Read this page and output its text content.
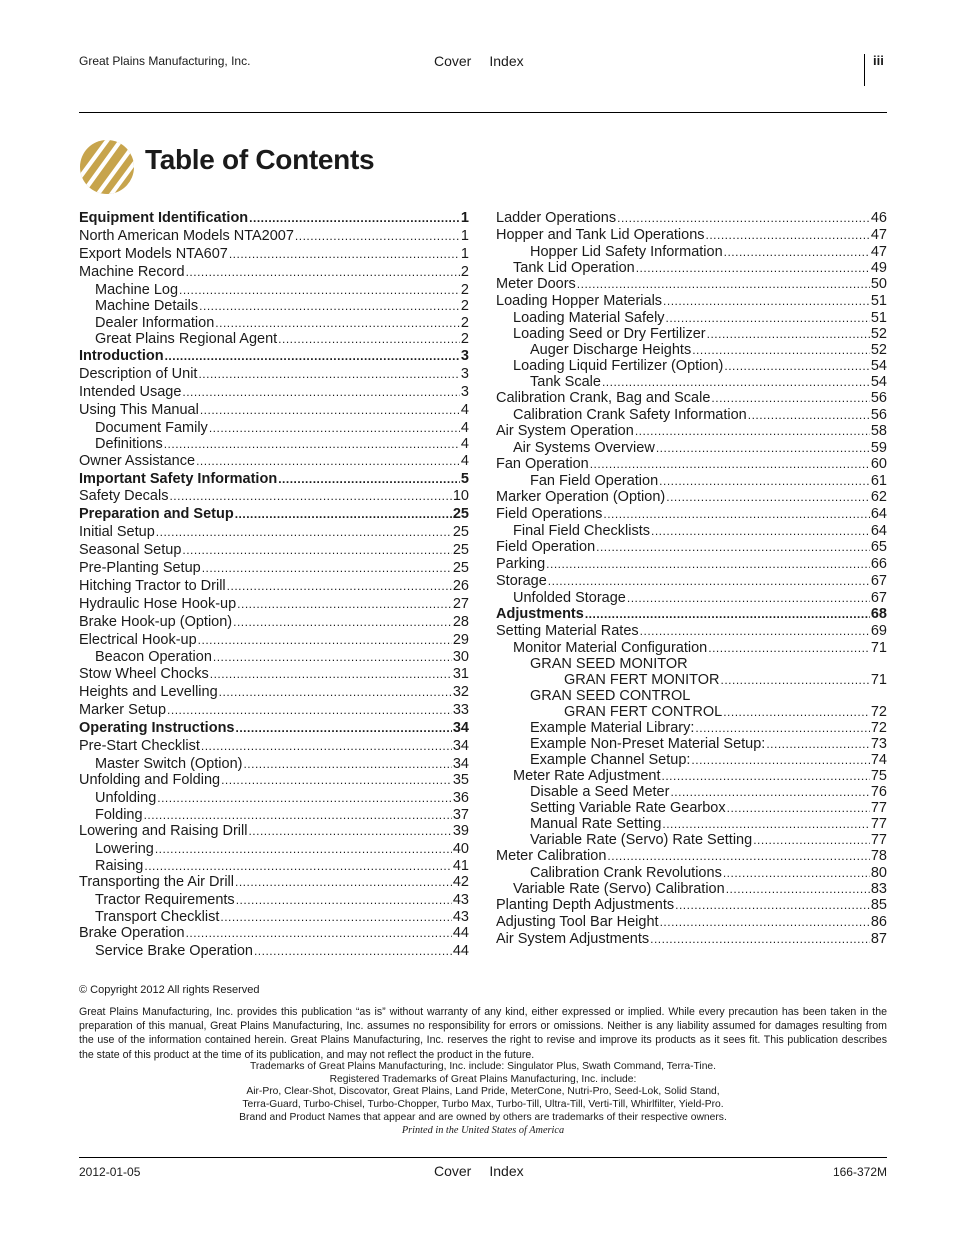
Great Plains Manufacturing, Inc.	Cover Index	iii
Table of Contents
Equipment Identification .....	1
North American Models NTA2007 .....	1
Export Models NTA607 .....	1
Machine Record .....	2
Machine Log .....	2
Machine Details .....	2
Dealer Information .....	2
Great Plains Regional Agent .....	2
Introduction .....	3
Description of Unit .....	3
Intended Usage .....	3
Using This Manual .....	4
Document Family .....	4
Definitions .....	4
Owner Assistance .....	4
Important Safety Information .....	5
Safety Decals .....	10
Preparation and Setup .....	25
Initial Setup .....	25
Seasonal Setup .....	25
Pre-Planting Setup .....	25
Hitching Tractor to Drill .....	26
Hydraulic Hose Hook-up .....	27
Brake Hook-up (Option) .....	28
Electrical Hook-up .....	29
Beacon Operation .....	30
Stow Wheel Chocks .....	31
Heights and Levelling .....	32
Marker Setup .....	33
Operating Instructions .....	34
Pre-Start Checklist .....	34
Master Switch (Option) .....	34
Unfolding and Folding .....	35
Unfolding .....	36
Folding .....	37
Lowering and Raising Drill .....	39
Lowering .....	40
Raising .....	41
Transporting the Air Drill .....	42
Tractor Requirements .....	43
Transport Checklist .....	43
Brake Operation .....	44
Service Brake Operation .....	44
Ladder Operations .....	46
Hopper and Tank Lid Operations .....	47
Hopper Lid Safety Information .....	47
Tank Lid Operation .....	49
Meter Doors .....	50
Loading Hopper Materials .....	51
Loading Material Safely .....	51
Loading Seed or Dry Fertilizer .....	52
Auger Discharge Heights .....	52
Loading Liquid Fertilizer (Option) .....	54
Tank Scale .....	54
Calibration Crank, Bag and Scale .....	56
Calibration Crank Safety Information .....	56
Air System Operation .....	58
Air Systems Overview .....	59
Fan Operation .....	60
Fan Field Operation .....	61
Marker Operation (Option) .....	62
Field Operations .....	64
Final Field Checklists .....	64
Field Operation .....	65
Parking .....	66
Storage .....	67
Unfolded Storage .....	67
Adjustments .....	68
Setting Material Rates .....	69
Monitor Material Configuration .....	71
GRAN SEED MONITOR
GRAN FERT MONITOR .....	71
GRAN SEED CONTROL
GRAN FERT CONTROL .....	72
Example Material Library: .....	72
Example Non-Preset Material Setup: .....	73
Example Channel Setup: .....	74
Meter Rate Adjustment .....	75
Disable a Seed Meter .....	76
Setting Variable Rate Gearbox .....	77
Manual Rate Setting .....	77
Variable Rate (Servo) Rate Setting .....	77
Meter Calibration .....	78
Calibration Crank Revolutions .....	80
Variable Rate (Servo) Calibration .....	83
Planting Depth Adjustments .....	85
Adjusting Tool Bar Height .....	86
Air System Adjustments .....	87
© Copyright 2012 All rights Reserved
Great Plains Manufacturing, Inc. provides this publication “as is” without warranty of any kind, either expressed or implied. While every precaution has been taken in the preparation of this manual, Great Plains Manufacturing, Inc. assumes no responsibility for errors or omissions. Neither is any liability assumed for damages resulting from the use of the information contained herein. Great Plains Manufacturing, Inc. reserves the right to revise and improve its products as it sees fit. This publication describes the state of this product at the time of its publication, and may not reflect the product in the future.
Trademarks of Great Plains Manufacturing, Inc. include: Singulator Plus, Swath Command, Terra-Tine.
Registered Trademarks of Great Plains Manufacturing, Inc. include:
Air-Pro, Clear-Shot, Discovator, Great Plains, Land Pride, MeterCone, Nutri-Pro, Seed-Lok, Solid Stand,
Terra-Guard, Turbo-Chisel, Turbo-Chopper, Turbo Max, Turbo-Till, Ultra-Till, Verti-Till, Whirlfilter, Yield-Pro.
Brand and Product Names that appear and are owned by others are trademarks of their respective owners.
Printed in the United States of America
2012-01-05	Cover Index	166-372M
